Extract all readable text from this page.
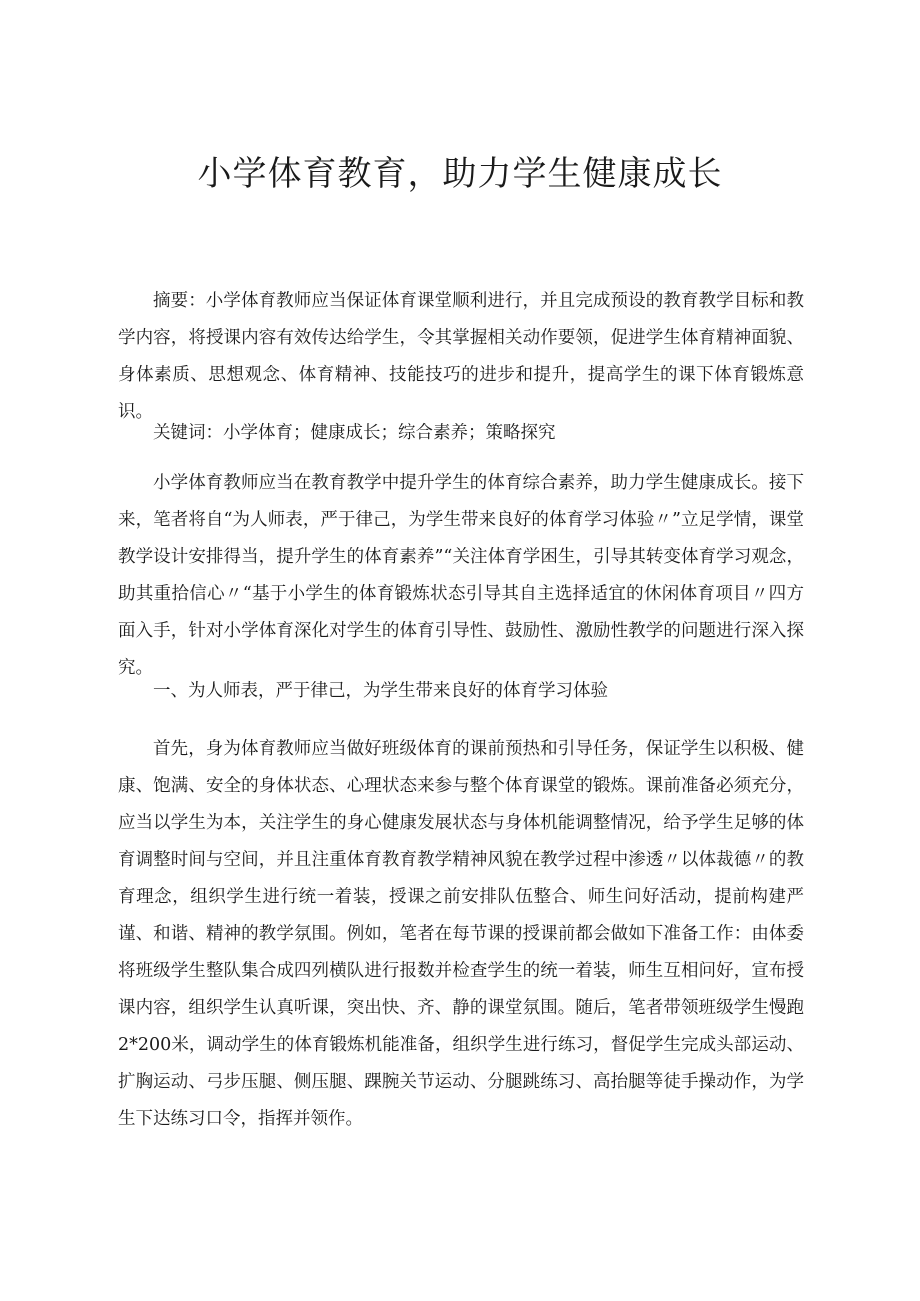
小学体育教育，助力学生健康成长

摘要：小学体育教师应当保证体育课堂顺利进行，并且完成预设的教育教学目标和教学内容，将授课内容有效传达给学生，令其掌握相关动作要领，促进学生体育精神面貌、身体素质、思想观念、体育精神、技能技巧的进步和提升，提高学生的课下体育锻炼意识。

关键词：小学体育；健康成长；综合素养；策略探究

小学体育教师应当在教育教学中提升学生的体育综合素养，助力学生健康成长。接下来，笔者将自“为人师表，严于律己，为学生带来良好的体育学习体验〃”立足学情，课堂教学设计安排得当，提升学生的体育素养”“关注体育学困生，引导其转变体育学习观念，助其重拾信心〃“基于小学生的体育锻炼状态引导其自主选择适宜的休闲体育项目〃四方面入手，针对小学体育深化对学生的体育引导性、鼓励性、激励性教学的问题进行深入探究。

一、为人师表，严于律己，为学生带来良好的体育学习体验

首先，身为体育教师应当做好班级体育的课前预热和引导任务，保证学生以积极、健康、饱满、安全的身体状态、心理状态来参与整个体育课堂的锻炼。课前准备必须充分，应当以学生为本，关注学生的身心健康发展状态与身体机能调整情况，给予学生足够的体育调整时间与空间，并且注重体育教育教学精神风貌在教学过程中渗透〃以体裁德〃的教育理念，组织学生进行统一着装，授课之前安排队伍整合、师生问好活动，提前构建严谨、和谐、精神的教学氛围。例如，笔者在每节课的授课前都会做如下准备工作：由体委将班级学生整队集合成四列横队进行报数并检查学生的统一着装，师生互相问好，宣布授课内容，组织学生认真听课，突出快、齐、静的课堂氛围。随后，笔者带领班级学生慢跑2*200米，调动学生的体育锻炼机能准备，组织学生进行练习，督促学生完成头部运动、扩胸运动、弓步压腿、侧压腿、踝腕关节运动、分腿跳练习、高抬腿等徒手操动作，为学生下达练习口令，指挥并领作。
